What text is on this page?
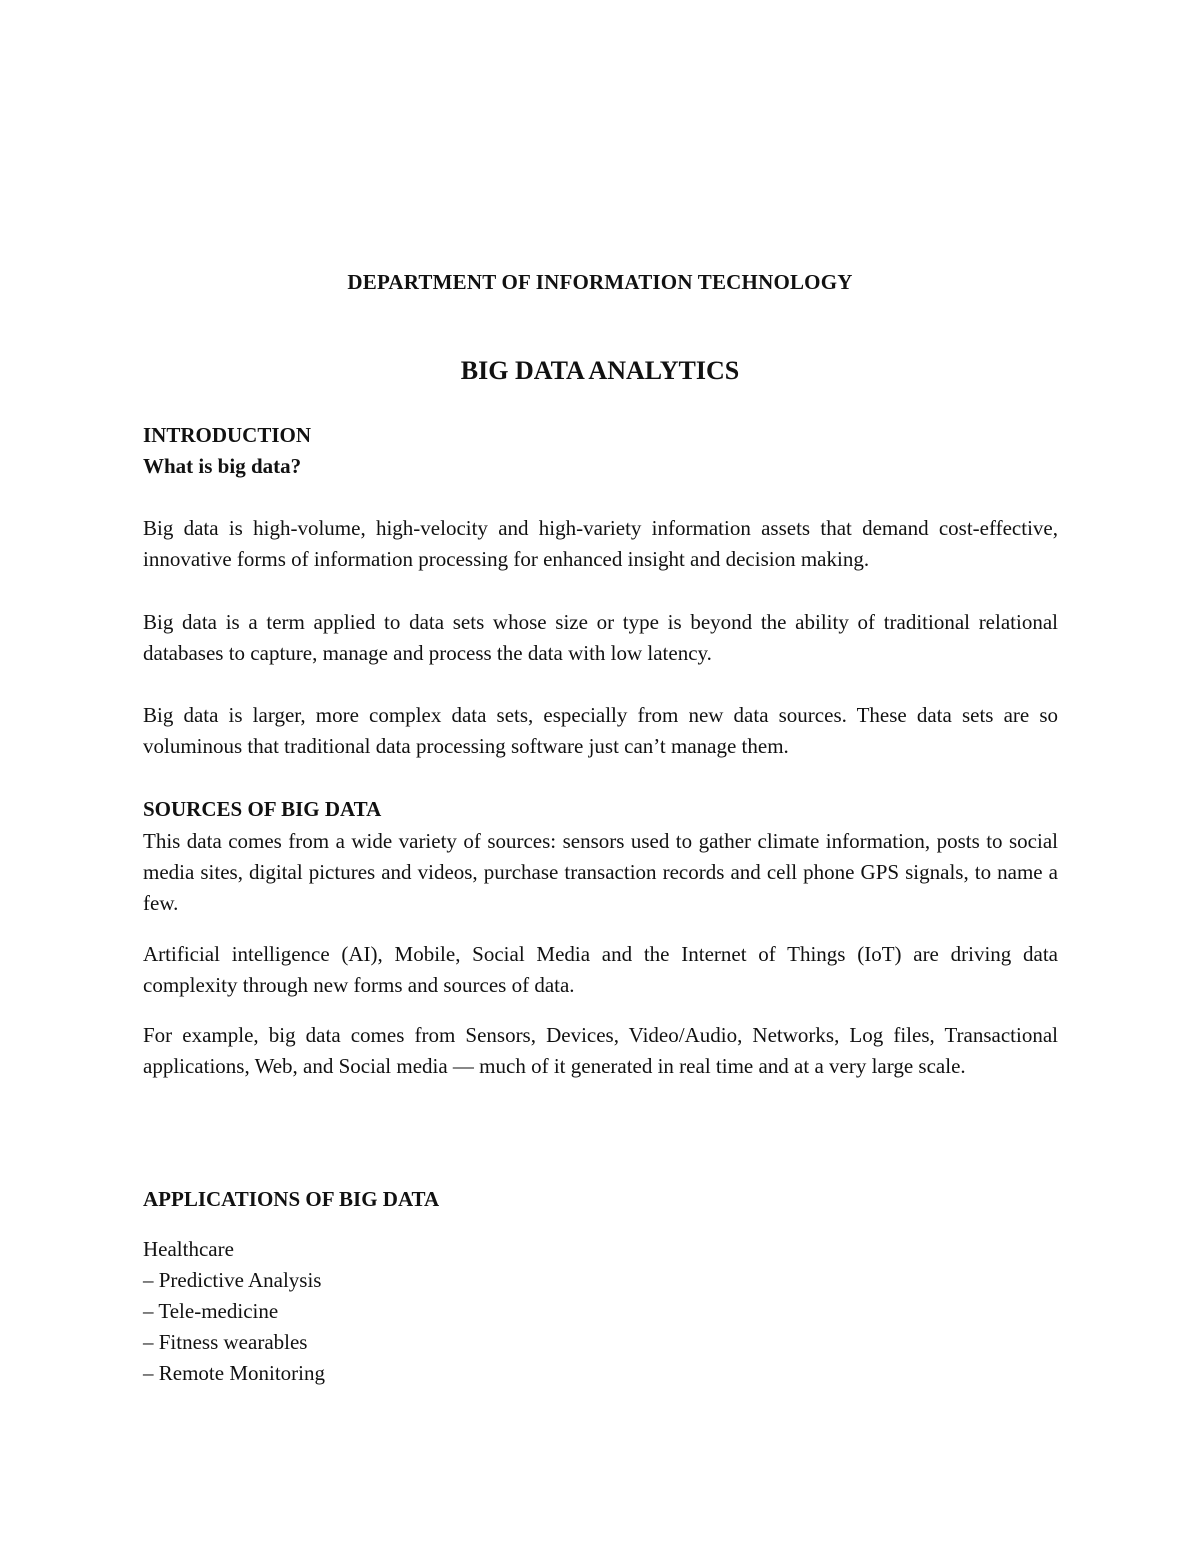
DEPARTMENT OF INFORMATION TECHNOLOGY
BIG DATA ANALYTICS

INTRODUCTION

What is big data?

Big data is high-volume, high-velocity and high-variety information assets that demand cost-effective, innovative forms of information processing for enhanced insight and decision making.

Big data is a term applied to data sets whose size or type is beyond the ability of traditional relational databases to capture, manage and process the data with low latency.

Big data is larger, more complex data sets, especially from new data sources. These data sets are so voluminous that traditional data processing software just can’t manage them.

SOURCES OF BIG DATA

This data comes from a wide variety of sources: sensors used to gather climate information, posts to social media sites, digital pictures and videos, purchase transaction records and cell phone GPS signals, to name a few.

Artificial intelligence (AI), Mobile, Social Media and the Internet of Things (IoT) are driving data complexity through new forms and sources of data.

For example, big data comes from Sensors, Devices, Video/Audio, Networks, Log files, Transactional applications, Web, and Social media — much of it generated in real time and at a very large scale.

APPLICATIONS OF BIG DATA

Healthcare

– Predictive Analysis

– Tele-medicine

– Fitness wearables

– Remote Monitoring
